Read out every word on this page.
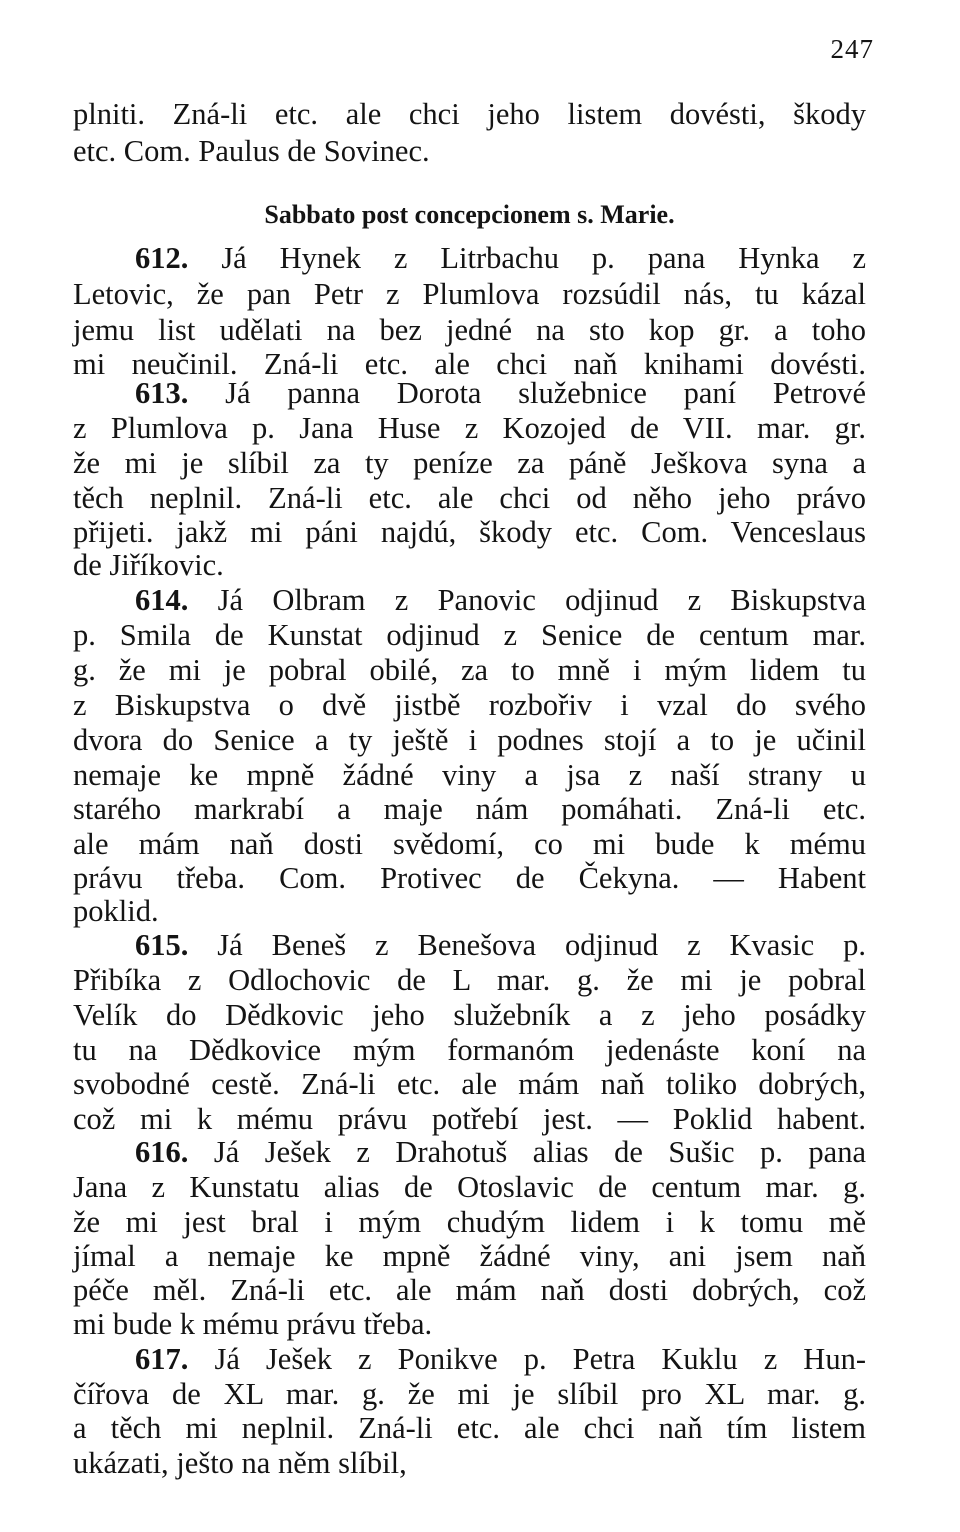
247
plniti. Zná-li etc. ale chci jeho listem dovésti, škody
etc. Com. Paulus de Sovinec.
Sabbato post concepcionem s. Marie.
612. Já Hynek z Litrbachu p. pana Hynka z
Letovic, že pan Petr z Plumlova rozsúdil nás, tu kázal
jemu list udělati na bez jedné na sto kop gr. a toho
mi neučinil. Zná-li etc. ale chci naň knihami dovésti.
613. Já panna Dorota služebnice paní Petrové
z Plumlova p. Jana Huse z Kozojed de VII. mar. gr.
že mi je slíbil za ty peníze za páně Ješkova syna a
těch neplnil. Zná-li etc. ale chci od něho jeho právo
přijeti. jakž mi páni najdú, škody etc. Com. Venceslaus
de Jiříkovic.
614. Já Olbram z Panovic odjinud z Biskupstva
p. Smila de Kunstat odjinud z Senice de centum mar.
g. že mi je pobral obilé, za to mně i mým lidem tu
z Biskupstva o dvě jistbě rozbořiv i vzal do svého
dvora do Senice a ty ještě i podnes stojí a to je učinil
nemaje ke mpně žádné viny a jsa z naší strany u
starého markrabí a maje nám pomáhati. Zná-li etc.
ale mám naň dosti svědomí, co mi bude k mému
právu třeba. Com. Protivec de Čekyna. — Habent
poklid.
615. Já Beneš z Benešova odjinud z Kvasic p.
Přibíka z Odlochovic de L mar. g. že mi je pobral
Velík do Dědkovic jeho služebník a z jeho posádky
tu na Dědkovice mým formanóm jedenáste koní na
svobodné cestě. Zná-li etc. ale mám naň toliko dobrých,
což mi k mému právu potřebí jest. — Poklid habent.
616. Já Ješek z Drahotuš alias de Sušic p. pana
Jana z Kunstatu alias de Otoslavic de centum mar. g.
že mi jest bral i mým chudým lidem i k tomu mě
jímal a nemaje ke mpně žádné viny, ani jsem naň
péče měl. Zná-li etc. ale mám naň dosti dobrých, což
mi bude k mému právu třeba.
617. Já Ješek z Ponikve p. Petra Kuklu z Hun-
čířova de XL mar. g. že mi je slíbil pro XL mar. g.
a těch mi neplnil. Zná-li etc. ale chci naň tím listem
ukázati, ješto na něm slíbil,
